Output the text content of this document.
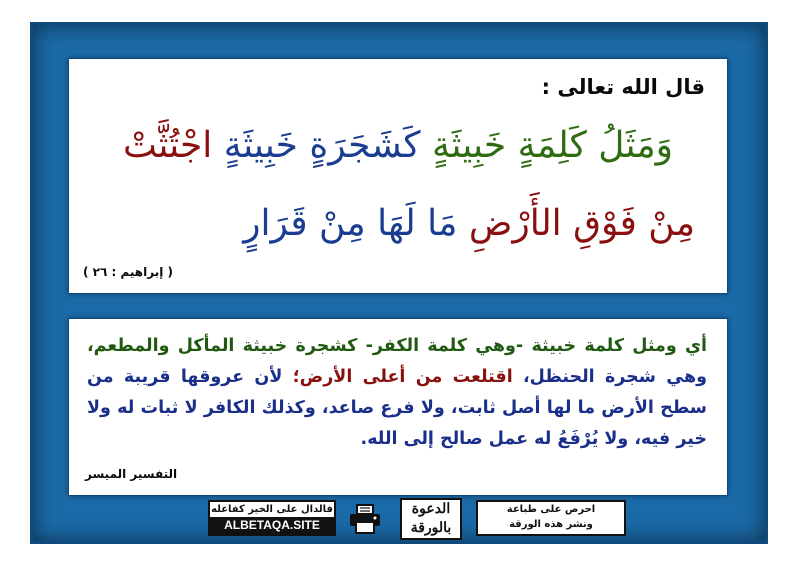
قال الله تعالى :
وَمَثَلُ كَلِمَةٍ خَبِيثَةٍ كَشَجَرَةٍ خَبِيثَةٍ اجْتُثَّتْ
مِنْ فَوْقِ الأَرْضِ مَا لَهَا مِنْ قَرَارٍ
( إبراهيم : ٢٦ )
أي ومثل كلمة خبيثة -وهي كلمة الكفر- كشجرة خبيثة المأكل والمطعم، وهي شجرة الحنظل، اقتلعت من أعلى الأرض؛ لأن عروقها قريبة من سطح الأرض ما لها أصل ثابت، ولا فرع صاعد، وكذلك الكافر لا ثبات له ولا خير فيه، ولا يُرْفَعُ له عمل صالح إلى الله.
التفسير الميسر
فالدال على الخير كفاعله
ALBETAQA.SITE
الدعوة
بالورقة
احرص على طباعة
ونشر هذه الورقة
